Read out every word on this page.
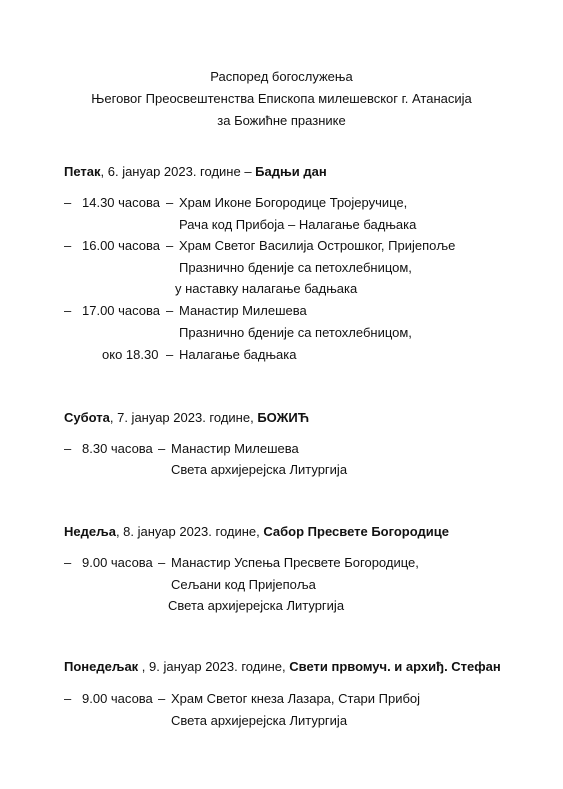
Распоред богослужења
Његовог Преосвештенства Епископа милешевског г. Атанасија
за Божићне празнике
Петак, 6. јануар 2023. године – Бадњи дан
– 14.30 часова – Храм Иконе Богородице Тројеручице,
Рача код Прибоја – Налагање бадњака
– 16.00 часова – Храм Светог Василија Острошког, Пријепоље
Празнично бденије са петохлебницом,
у наставку налагање бадњака
– 17.00 часова – Манастир Милешева
Празнично бденије са петохлебницом,
око 18.30 – Налагање бадњака
Субота, 7. јануар 2023. године, БОЖИЋ
– 8.30 часова – Манастир Милешева
Света архијерејска Литургија
Недеља, 8. јануар 2023. године, Сабор Пресвете Богородице
– 9.00 часова – Манастир Успења Пресвете Богородице,
Сељани код Пријепоља
Света архијерејска Литургија
Понедељак , 9. јануар 2023. године, Свети првомуч. и архиђ. Стефан
– 9.00 часова – Храм Светог кнеза Лазара, Стари Прибој
Света архијерејска Литургија
